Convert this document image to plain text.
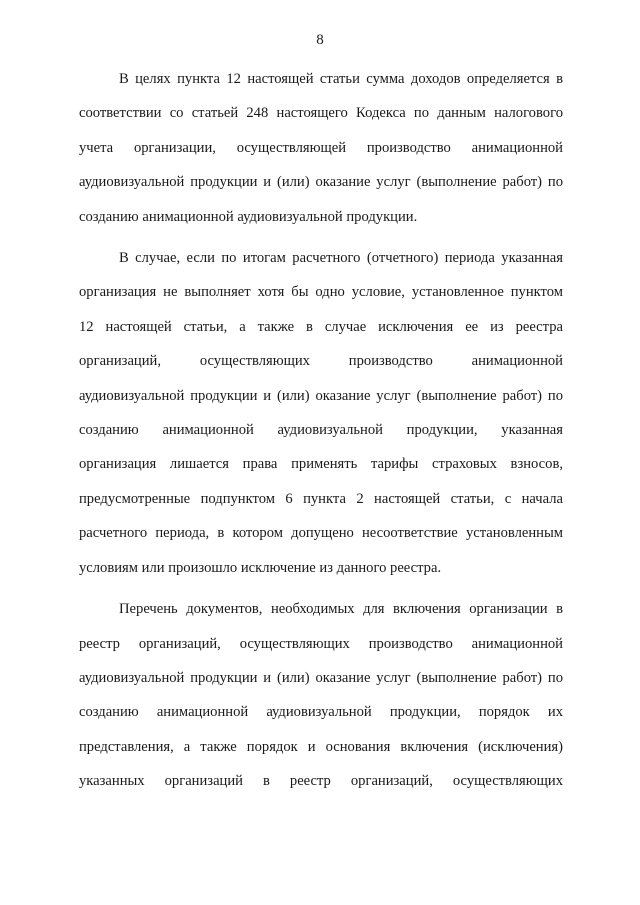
8

В целях пункта 12 настоящей статьи сумма доходов определяется в
соответствии со статьей 248 настоящего Кодекса по данным налогового
учета организации, осуществляющей производство анимационной
аудиовизуальной продукции и (или) оказание услуг (выполнение работ) по
созданию анимационной аудиовизуальной продукции.

В случае, если по итогам расчетного (отчетного) периода указанная
организация не выполняет хотя бы одно условие, установленное пунктом
12 настоящей статьи, а также в случае исключения ее из реестра
организаций, осуществляющих производство анимационной
аудиовизуальной продукции и (или) оказание услуг (выполнение работ) по
созданию анимационной аудиовизуальной продукции, указанная
организация лишается права применять тарифы страховых взносов,
предусмотренные подпунктом 6 пункта 2 настоящей статьи, с начала
расчетного периода, в котором допущено несоответствие установленным
условиям или произошло исключение из данного реестра.

Перечень документов, необходимых для включения организации в
реестр организаций, осуществляющих производство анимационной
аудиовизуальной продукции и (или) оказание услуг (выполнение работ) по
созданию анимационной аудиовизуальной продукции, порядок их
представления, а также порядок и основания включения (исключения)
указанных организаций в реестр организаций, осуществляющих
